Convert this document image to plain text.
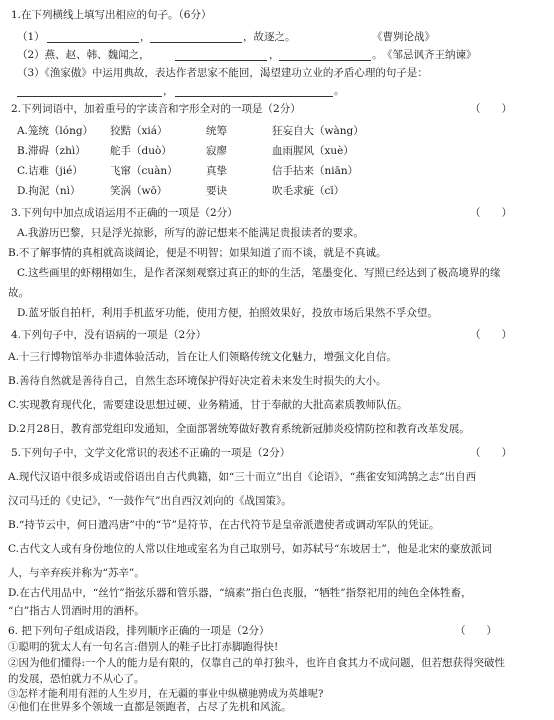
1.在下列横线上填写出相应的句子。（6分）
（1）	，	，故逐之。	《曹刿论战》
（2）燕、赵、韩、魏闻之，	，	。 《邹忌讽齐王纳谏》
（3）《渔家傲》中运用典故，表达作者思家不能回，渴望建功立业的矛盾心理的句子是：
，	。
2.下列词语中，加着重号的字读音和字形全对的一项是（2分）	（　　）
A.笼统（lóng） 狡黠（xiá）	统筹	狂妄自大（wàng）
B.滞碍（zhì） 舵手（duò）	寂廖	血雨腥风（xuè）
C.诘难（jié）	飞窜（cuàn）	真挚	信手拈来（niān）
D.拘泥（nì）	笑涡（wō）	要诀	吹毛求疵（cī）
3.下列句中加点成语运用不正确的一项是（2分）	（　　）
A.我游历巴黎，只是浮光掠影，所写的游记想来不能满足贵报读者的要求。
B.不了解事情的真相就高谈阔论，便是不明智；如果知道了而不谈，就是不真诚。
C.这些画里的虾栩栩如生，是作者深刻观察过真正的虾的生活，笔墨变化、写照已经达到了极高境界的缘
故。
D.蓝牙版自拍杆，利用手机蓝牙功能，使用方便，拍照效果好，投放市场后果然不孚众望。
4.下列句子中，没有语病的一项是（2分）	（　　）
A.十三行博物馆举办非遗体验活动，旨在让人们领略传统文化魅力，增强文化自信。
B.善待自然就是善待自己，自然生态环境保护得好决定着未来发生时损失的大小。
C.实现教育现代化，需要建设思想过硬、业务精通，甘于奉献的大批高素质教师队伍。
D.2月28日，教育部党组印发通知，全面部署统筹做好教育系统新冠肺炎疫情防控和教育改革发展。
5.下列句子中，文学文化常识的表述不正确的一项是（2分）	（　　）
A.现代汉语中很多成语或俗语出自古代典籍，如“三十而立”出自《论语》，“燕雀安知鸿鹄之志”出自西
汉司马迁的《史记》，“一鼓作气”出自西汉刘向的《战国策》。
B.“持节云中，何日遣冯唐”中的“节”是符节，在古代符节是皇帝派遣使者或调动军队的凭证。
C.古代文人或有身份地位的人常以住地或室名为自己取别号，如苏轼号“东坡居士”，他是北宋的豪放派词
人，与辛弃疾并称为“苏辛”。
D.在古代用品中，“丝竹”指弦乐器和管乐器，“缟素”指白色丧服，“牺牲”指祭祀用的纯色全体牲畜，
“白”指古人罚酒时用的酒杯。
6. 把下列句子组成语段，排列顺序正确的一项是（2分）	（　　）
①聪明的犹太人有一句名言:借别人的鞋子比打赤脚跑得快!
②因为他们懂得:一个人的能力是有限的，仅靠自己的单打独斗，也许自食其力不成问题，但若想获得突破性
的发展，恐怕就力不从心了。
③怎样才能利用有涯的人生岁月，在无疆的事业中纵横驰骋成为英雄呢?
④他们在世界多个领域一直都是领跑者，占尽了先机和风流。
